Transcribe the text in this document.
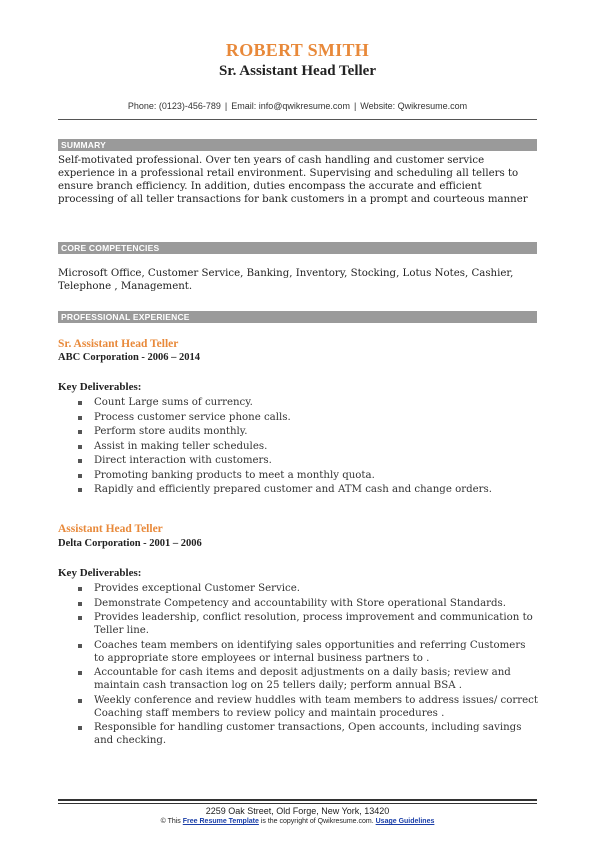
ROBERT SMITH
Sr. Assistant Head Teller
Phone: (0123)-456-789 | Email: info@qwikresume.com | Website: Qwikresume.com
SUMMARY

Self-motivated professional. Over ten years of cash handling and customer service experience in a professional retail environment. Supervising and scheduling all tellers to ensure branch efficiency. In addition, duties encompass the accurate and efficient processing of all teller transactions for bank customers in a prompt and courteous manner

CORE COMPETENCIES

Microsoft Office, Customer Service, Banking, Inventory, Stocking, Lotus Notes, Cashier, Telephone , Management.

PROFESSIONAL EXPERIENCE
Sr. Assistant Head Teller
ABC Corporation - 2006 – 2014
Key Deliverables:
Count Large sums of currency.
Process customer service phone calls.
Perform store audits monthly.
Assist in making teller schedules.
Direct interaction with customers.
Promoting banking products to meet a monthly quota.
Rapidly and efficiently prepared customer and ATM cash and change orders.
Assistant Head Teller
Delta Corporation - 2001 – 2006
Key Deliverables:
Provides exceptional Customer Service.
Demonstrate Competency and accountability with Store operational Standards.
Provides leadership, conflict resolution, process improvement and communication to Teller line.
Coaches team members on identifying sales opportunities and referring Customers to appropriate store employees or internal business partners to .
Accountable for cash items and deposit adjustments on a daily basis; review and maintain cash transaction log on 25 tellers daily; perform annual BSA .
Weekly conference and review huddles with team members to address issues/ correct Coaching staff members to review policy and maintain procedures .
Responsible for handling customer transactions, Open accounts, including savings and checking.
2259 Oak Street, Old Forge, New York, 13420
© This Free Resume Template is the copyright of Qwikresume.com. Usage Guidelines
